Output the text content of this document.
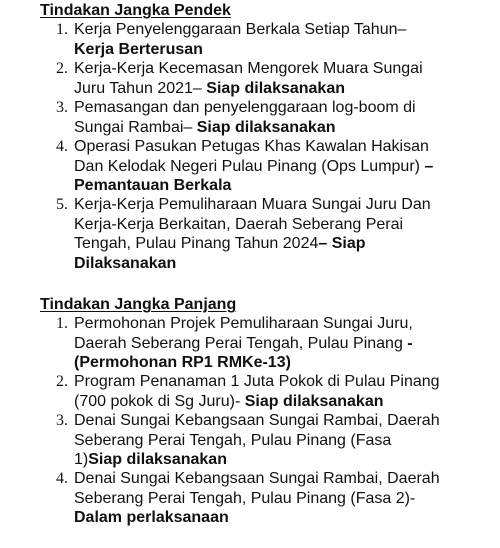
Tindakan Jangka Pendek
1. Kerja Penyelenggaraan Berkala Setiap Tahun–
Kerja Berterusan
2. Kerja-Kerja Kecemasan Mengorek Muara Sungai
Juru Tahun 2021– Siap dilaksanakan
3. Pemasangan dan penyelenggaraan log-boom di
Sungai Rambai– Siap dilaksanakan
4. Operasi Pasukan Petugas Khas Kawalan Hakisan
Dan Kelodak Negeri Pulau Pinang (Ops Lumpur) –
Pemantauan Berkala
5. Kerja-Kerja Pemuliharaan Muara Sungai Juru Dan
Kerja-Kerja Berkaitan, Daerah Seberang Perai
Tengah, Pulau Pinang Tahun 2024– Siap
Dilaksanakan
Tindakan Jangka Panjang
1. Permohonan Projek Pemuliharaan Sungai Juru,
Daerah Seberang Perai Tengah, Pulau Pinang -
(Permohonan RP1 RMKe-13)
2. Program Penanaman 1 Juta Pokok di Pulau Pinang
(700 pokok di Sg Juru)- Siap dilaksanakan
3. Denai Sungai Kebangsaan Sungai Rambai, Daerah
Seberang Perai Tengah, Pulau Pinang (Fasa
1)Siap dilaksanakan
4. Denai Sungai Kebangsaan Sungai Rambai, Daerah
Seberang Perai Tengah, Pulau Pinang (Fasa 2)-
Dalam perlaksanaan
